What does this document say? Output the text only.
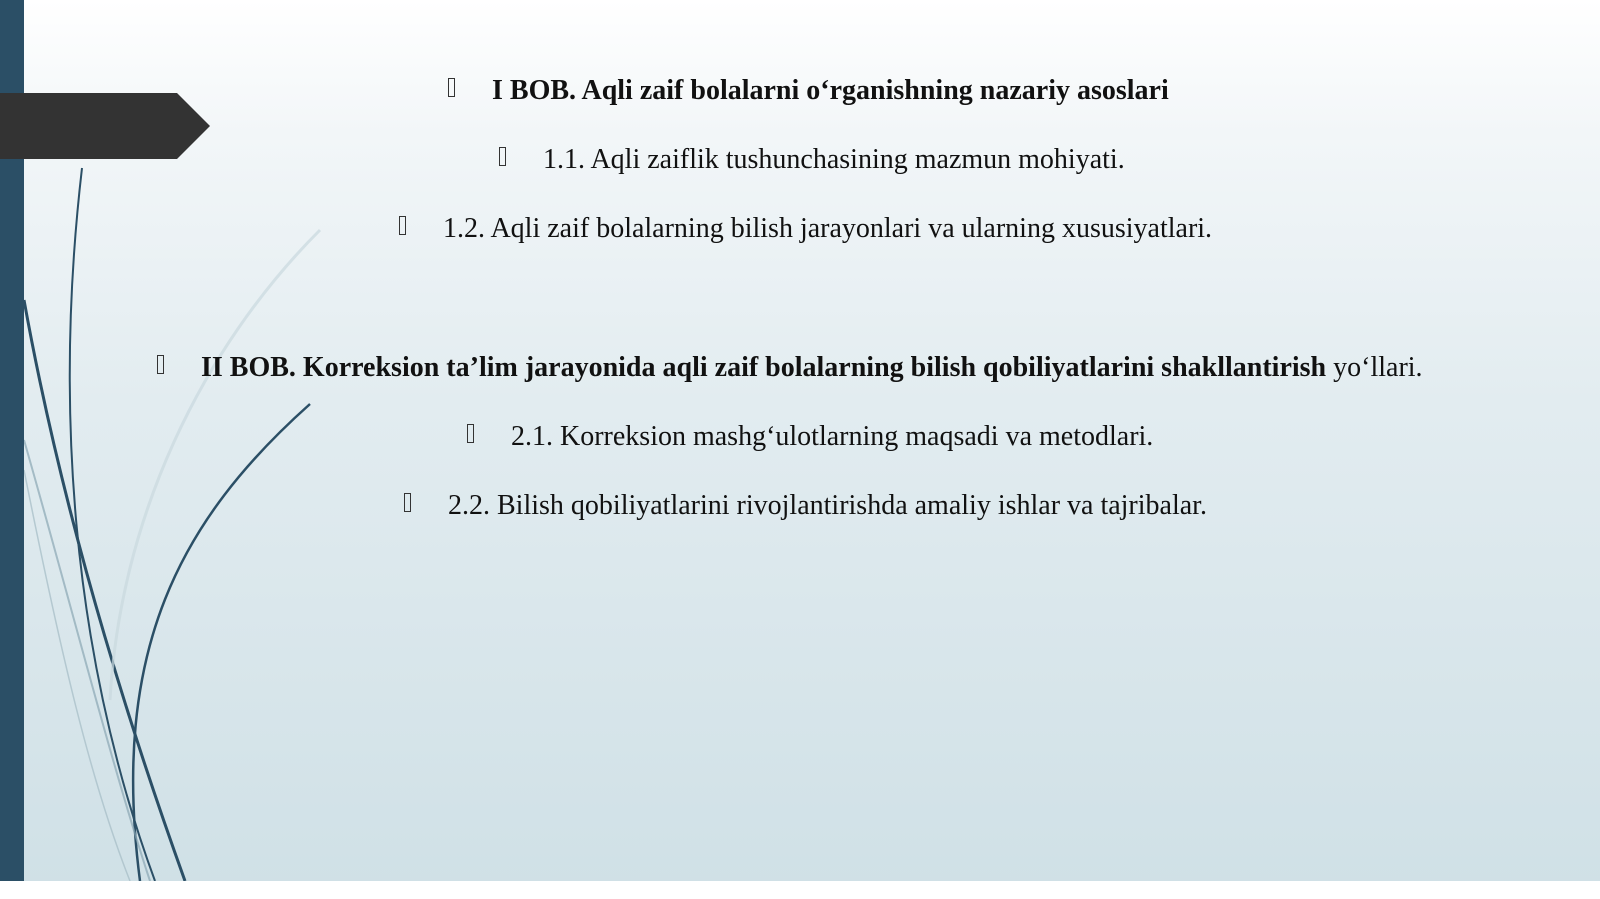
I BOB. Aqli zaif bolalarni o‘rganishning nazariy asoslari
1.1. Aqli zaiflik tushunchasining mazmun mohiyati.
1.2. Aqli zaif bolalarning bilish jarayonlari va ularning xususiyatlari.
II BOB. Korreksion ta’lim jarayonida aqli zaif bolalarning bilish qobiliyatlarini shakllantirish yo‘llari.
2.1. Korreksion mashg‘ulotlarning maqsadi va metodlari.
2.2. Bilish qobiliyatlarini rivojlantirishda amaliy ishlar va tajribalar.
